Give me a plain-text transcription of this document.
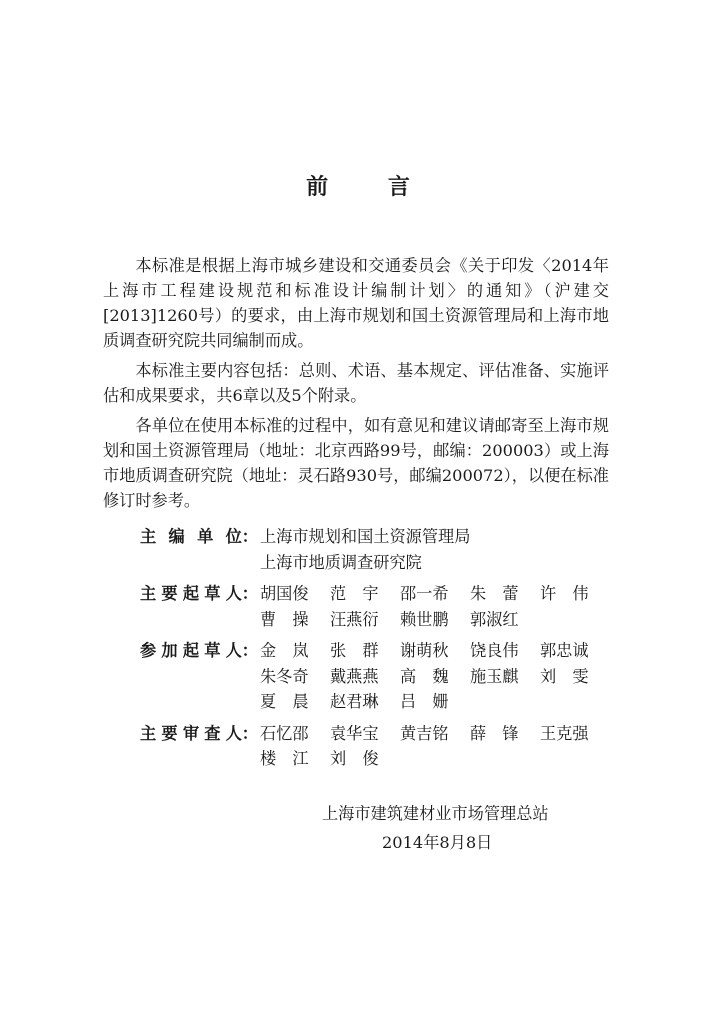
前 言

本标准是根据上海市城乡建设和交通委员会《关于印发〈2014年上海市工程建设规范和标准设计编制计划〉的通知》（沪建交[2013]1260号）的要求，由上海市规划和国土资源管理局和上海市地质调查研究院共同编制而成。

本标准主要内容包括：总则、术语、基本规定、评估准备、实施评估和成果要求，共6章以及5个附录。

各单位在使用本标准的过程中，如有意见和建议请邮寄至上海市规划和国土资源管理局（地址：北京西路99号，邮编：200003）或上海市地质调查研究院（地址：灵石路930号，邮编200072），以便在标准修订时参考。

主 编 单 位： 上海市规划和国土资源管理局
上海市地质调查研究院
主 要 起 草 人： 胡国俊	范　宇	邵一希	朱　蕾	许　伟
曹　操	汪燕衍	赖世鹏	郭淑红
参 加 起 草 人： 金　岚	张　群	谢萌秋	饶良伟	郭忠诚
朱冬奇	戴燕燕	高　魏	施玉麒	刘　雯
夏　晨	赵君琳	吕　姗
主 要 审 查 人： 石忆邵	袁华宝	黄吉铭	薛　锋	王克强
楼　江	刘　俊
上海市建筑建材业市场管理总站
2014年8月8日
